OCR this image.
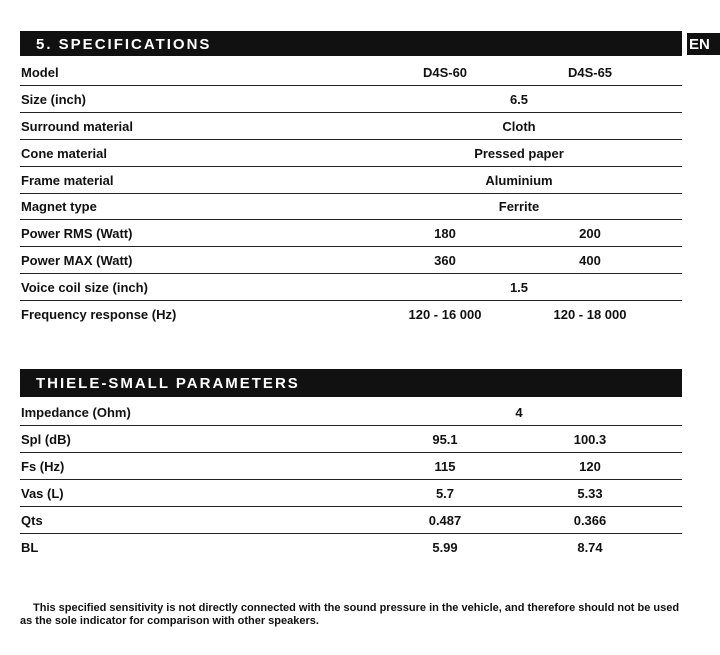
5. SPECIFICATIONS	EN
Model	D4S-60	D4S-65
Size (inch)	6.5
Surround material	Cloth
Cone material	Pressed paper
Frame material	Aluminium
Magnet type	Ferrite
Power RMS (Watt)	180	200
Power MAX (Watt)	360	400
Voice coil size (inch)	1.5
Frequency response (Hz)	120 - 16 000	120 - 18 000
THIELE-SMALL PARAMETERS
Impedance (Ohm)	4
Spl (dB)	95.1	100.3
Fs (Hz)	115	120
Vas (L)	5.7	5.33
Qts	0.487	0.366
BL	5.99	8.74
This specified sensitivity is not directly connected with the sound pressure in the vehicle, and therefore should not be used as the sole indicator for comparison with other speakers.
